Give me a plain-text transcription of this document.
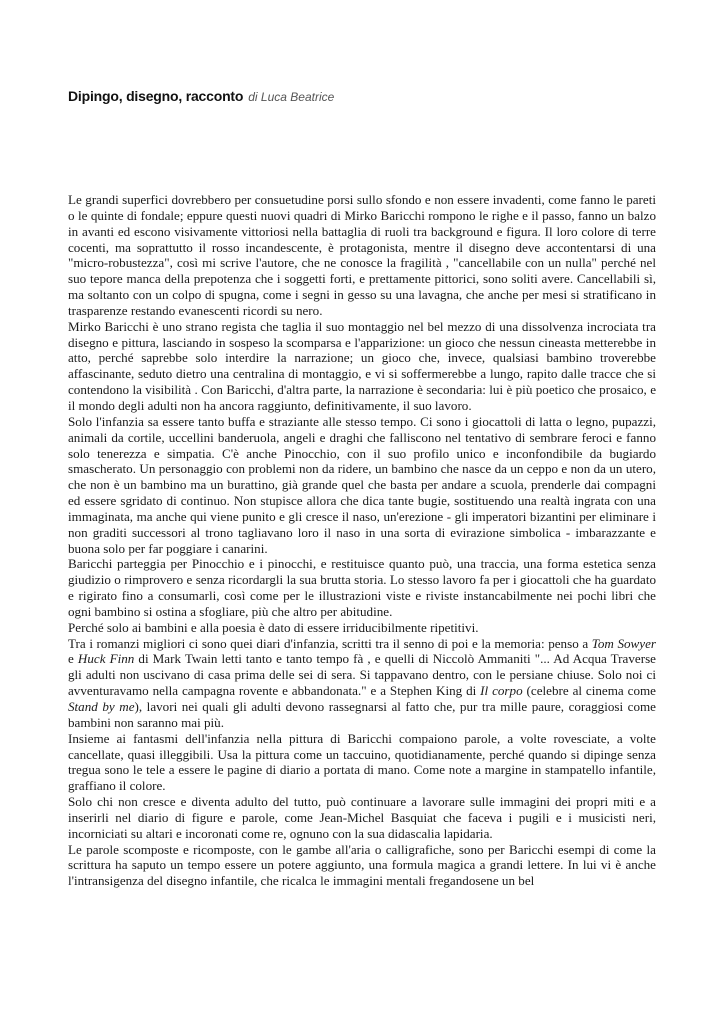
Dipingo, disegno, racconto di Luca Beatrice

Le grandi superfici dovrebbero per consuetudine porsi sullo sfondo e non essere invadenti, come fanno le pareti o le quinte di fondale; eppure questi nuovi quadri di Mirko Baricchi rompono le righe e il passo, fanno un balzo in avanti ed escono visivamente vittoriosi nella battaglia di ruoli tra background e figura. Il loro colore di terre cocenti, ma soprattutto il rosso incandescente, è protagonista, mentre il disegno deve accontentarsi di una "micro-robustezza", così mi scrive l'autore, che ne conosce la fragilità , "cancellabile con un nulla" perché nel suo tepore manca della prepotenza che i soggetti forti, e prettamente pittorici, sono soliti avere. Cancellabili sì, ma soltanto con un colpo di spugna, come i segni in gesso su una lavagna, che anche per mesi si stratificano in trasparenze restando evanescenti ricordi su nero.

Mirko Baricchi è uno strano regista che taglia il suo montaggio nel bel mezzo di una dissolvenza incrociata tra disegno e pittura, lasciando in sospeso la scomparsa e l'apparizione: un gioco che nessun cineasta metterebbe in atto, perché saprebbe solo interdire la narrazione; un gioco che, invece, qualsiasi bambino troverebbe affascinante, seduto dietro una centralina di montaggio, e vi si soffermerebbe a lungo, rapito dalle tracce che si contendono la visibilità . Con Baricchi, d'altra parte, la narrazione è secondaria: lui è più poetico che prosaico, e il mondo degli adulti non ha ancora raggiunto, definitivamente, il suo lavoro.

Solo l'infanzia sa essere tanto buffa e straziante alle stesso tempo. Ci sono i giocattoli di latta o legno, pupazzi, animali da cortile, uccellini banderuola, angeli e draghi che falliscono nel tentativo di sembrare feroci e fanno solo tenerezza e simpatia. C'è anche Pinocchio, con il suo profilo unico e inconfondibile da bugiardo smascherato. Un personaggio con problemi non da ridere, un bambino che nasce da un ceppo e non da un utero, che non è un bambino ma un burattino, già grande quel che basta per andare a scuola, prenderle dai compagni ed essere sgridato di continuo. Non stupisce allora che dica tante bugie, sostituendo una realtà ingrata con una immaginata, ma anche qui viene punito e gli cresce il naso, un'erezione - gli imperatori bizantini per eliminare i non graditi successori al trono tagliavano loro il naso in una sorta di evirazione simbolica - imbarazzante e buona solo per far poggiare i canarini.

Baricchi parteggia per Pinocchio e i pinocchi, e restituisce quanto può, una traccia, una forma estetica senza giudizio o rimprovero e senza ricordargli la sua brutta storia. Lo stesso lavoro fa per i giocattoli che ha guardato e rigirato fino a consumarli, così come per le illustrazioni viste e riviste instancabilmente nei pochi libri che ogni bambino si ostina a sfogliare, più che altro per abitudine.

Perché solo ai bambini e alla poesia è dato di essere irriducibilmente ripetitivi.

Tra i romanzi migliori ci sono quei diari d'infanzia, scritti tra il senno di poi e la memoria: penso a Tom Sowyer e Huck Finn di Mark Twain letti tanto e tanto tempo fà , e quelli di Niccolò Ammaniti "... Ad Acqua Traverse gli adulti non uscivano di casa prima delle sei di sera. Si tappavano dentro, con le persiane chiuse. Solo noi ci avventuravamo nella campagna rovente e abbandonata." e a Stephen King di Il corpo (celebre al cinema come Stand by me), lavori nei quali gli adulti devono rassegnarsi al fatto che, pur tra mille paure, coraggiosi come bambini non saranno mai più.

Insieme ai fantasmi dell'infanzia nella pittura di Baricchi compaiono parole, a volte rovesciate, a volte cancellate, quasi illeggibili. Usa la pittura come un taccuino, quotidianamente, perché quando si dipinge senza tregua sono le tele a essere le pagine di diario a portata di mano. Come note a margine in stampatello infantile, graffiano il colore.

Solo chi non cresce e diventa adulto del tutto, può continuare a lavorare sulle immagini dei propri miti e a inserirli nel diario di figure e parole, come Jean-Michel Basquiat che faceva i pugili e i musicisti neri, incorniciati su altari e incoronati come re, ognuno con la sua didascalia lapidaria.

Le parole scomposte e ricomposte, con le gambe all'aria o calligrafiche, sono per Baricchi esempi di come la scrittura ha saputo un tempo essere un potere aggiunto, una formula magica a grandi lettere. In lui vi è anche l'intransigenza del disegno infantile, che ricalca le immagini mentali fregandosene un bel
